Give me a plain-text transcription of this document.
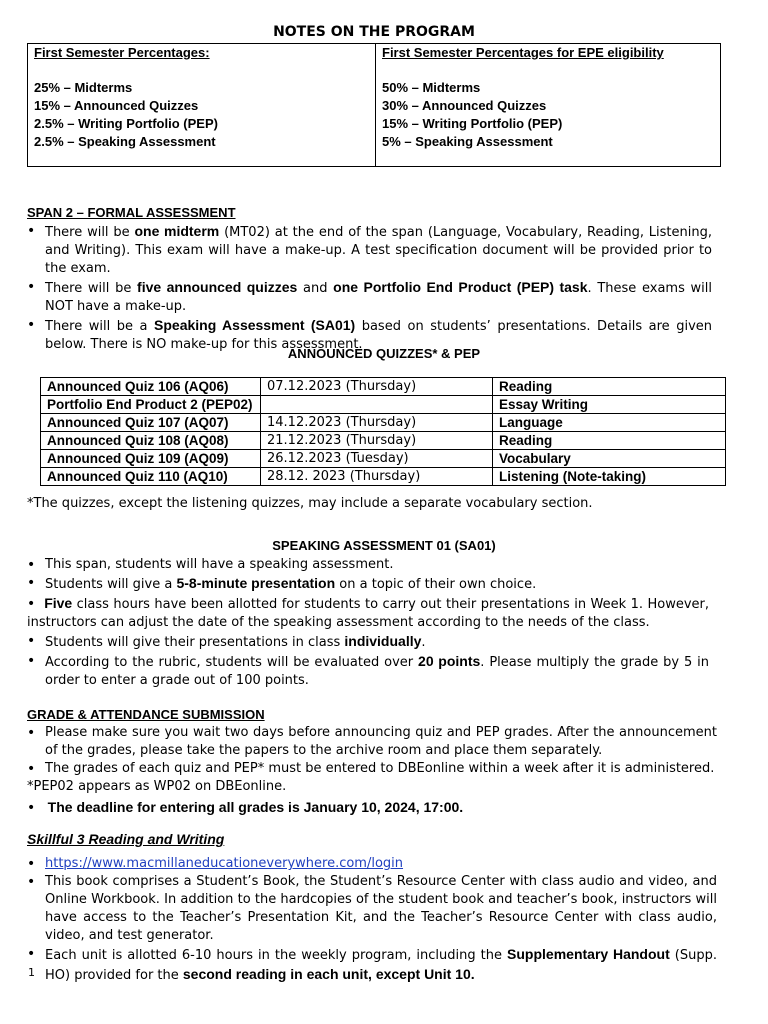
NOTES ON THE PROGRAM
First Semester Percentages:
25% – Midterms
15% – Announced Quizzes
2.5% – Writing Portfolio (PEP)
2.5% – Speaking Assessment
First Semester Percentages for EPE eligibility
50% – Midterms
30% – Announced Quizzes
15% – Writing Portfolio (PEP)
5% – Speaking Assessment
SPAN 2 – FORMAL ASSESSMENT
• There will be one midterm (MT02) at the end of the span (Language, Vocabulary, Reading, Listening, and Writing). This exam will have a make-up. A test specification document will be provided prior to the exam.
• There will be five announced quizzes and one Portfolio End Product (PEP) task. These exams will NOT have a make-up.
• There will be a Speaking Assessment (SA01) based on students’ presentations. Details are given below. There is NO make-up for this assessment.
ANNOUNCED QUIZZES* & PEP
Announced Quiz 106 (AQ06)	07.12.2023 (Thursday)	Reading
Portfolio End Product 2 (PEP02)		Essay Writing
Announced Quiz 107 (AQ07)	14.12.2023 (Thursday)	Language
Announced Quiz 108 (AQ08)	21.12.2023 (Thursday)	Reading
Announced Quiz 109 (AQ09)	26.12.2023 (Tuesday)	Vocabulary
Announced Quiz 110 (AQ10)	28.12. 2023 (Thursday)	Listening (Note-taking)
*The quizzes, except the listening quizzes, may include a separate vocabulary section.
SPEAKING ASSESSMENT 01 (SA01)
• This span, students will have a speaking assessment.
• Students will give a 5-8-minute presentation on a topic of their own choice.
• Five class hours have been allotted for students to carry out their presentations in Week 1. However, instructors can adjust the date of the speaking assessment according to the needs of the class.
• Students will give their presentations in class individually.
• According to the rubric, students will be evaluated over 20 points. Please multiply the grade by 5 in order to enter a grade out of 100 points.
GRADE & ATTENDANCE SUBMISSION
• Please make sure you wait two days before announcing quiz and PEP grades. After the announcement of the grades, please take the papers to the archive room and place them separately.
• The grades of each quiz and PEP* must be entered to DBEonline within a week after it is administered.
*PEP02 appears as WP02 on DBEonline.
• The deadline for entering all grades is January 10, 2024, 17:00.
Skillful 3 Reading and Writing
• https://www.macmillaneducationeverywhere.com/login
• This book comprises a Student’s Book, the Student’s Resource Center with class audio and video, and Online Workbook. In addition to the hardcopies of the student book and teacher’s book, instructors will have access to the Teacher’s Presentation Kit, and the Teacher’s Resource Center with class audio, video, and test generator.
• Each unit is allotted 6-10 hours in the weekly program, including the Supplementary Handout (Supp. HO) provided for the second reading in each unit, except Unit 10.
1
